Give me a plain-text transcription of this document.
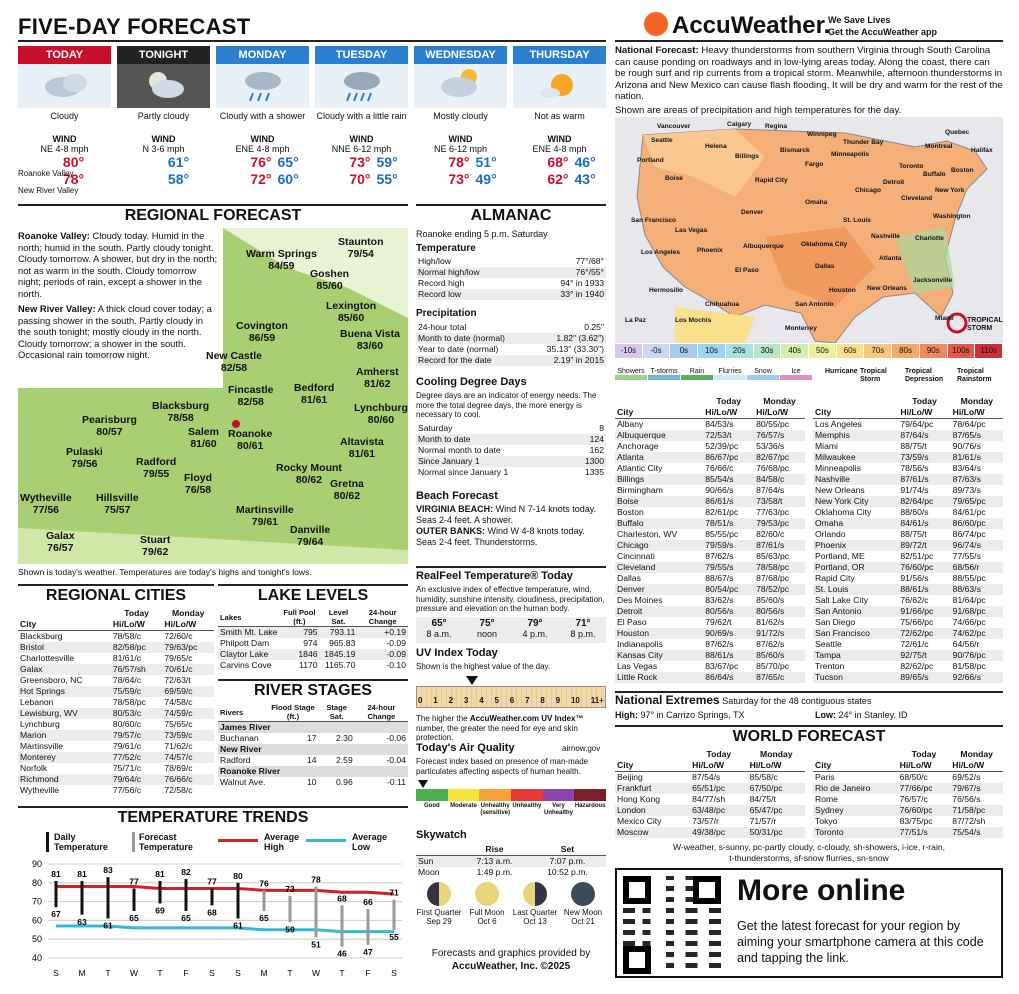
FIVE-DAY FORECAST
TODAY
Cloudy
WIND
NE 4-8 mph
80°
78°
TONIGHT
Partly cloudy
WIND
N 3-6 mph
61°
58°
MONDAY
Cloudy with a shower
WIND
ENE 4-8 mph
76° 65°
72° 60°
TUESDAY
Cloudy with a little rain
WIND
NNE 6-12 mph
73° 59°
70° 55°
WEDNESDAY
Mostly cloudy
WIND
NE 6-12 mph
78° 51°
73° 49°
THURSDAY
Not as warm
WIND
ENE 4-8 mph
68° 46°
62° 43°
Roanoke Valley
New River Valley
AccuWeather.
We Save Lives
Get the AccuWeather app
National Forecast: Heavy thunderstorms from southern Virginia through South Carolina can cause ponding on roadways and in low-lying areas today. Along the coast, there can be rough surf and rip currents from a tropical storm. Meanwhile, afternoon thunderstorms in Arizona and New Mexico can cause flash flooding. It will be dry and warm for the rest of the nation.
Shown are areas of precipitation and high temperatures for the day.
Vancouver	Calgary Regina
Winnipeg	Quebec
Halifax
Seattle
Billings
Bismarck
Thunder Bay
Montreal
Portland
Helena
Fargo	Toronto
Boston
Boise	Rapid City
Minneapolis
Detroit
Buffalo
New York
Chicago
Cleveland
Washington
San Francisco
Denver
Omaha
St. Louis
Nashville Charlotte
Los Angeles
Las Vegas
Phoenix
Albuquerque	Oklahoma City
Dallas
Atlanta
Jacksonville
Houston New Orleans
Miami
El Paso
San Antonio
Monterrey
Chihuahua
Hermosillo
La Paz	Los Mochis	TROPICAL STORM
-10s	-0s	0s	10s	20s	30s	40s	50s	60s	70s	80s	90s	100s	110s
Showers T-storms	Rain	Flurries	Snow	Ice	Hurricane Tropical Storm
Tropical Depression
Tropical Rainstorm
REGIONAL FORECAST
Roanoke Valley: Cloudy today. Humid in the north; humid in the south. Partly cloudy tonight. Cloudy tomorrow. A shower, but dry in the north; not as warm in the south. Cloudy tomorrow night; periods of rain, except a shower in the north.
New River Valley: A thick cloud cover today; a passing shower in the south. Partly cloudy in the south tonight; mostly cloudy in the north. Cloudy tomorrow; a shower in the south. Occasional rain tomorrow night.
Staunton
79/54
Warm Springs
84/59
Goshen
85/60
Lexington
85/60
Covington
86/59	Buena Vista
83/60
New Castle
82/58	Amherst
81/62
Fincastle
82/58
Bedford
81/61
Lynchburg
80/60
Blacksburg
78/58
Pearisburg
80/57	Salem
81/60
Roanoke
80/61	Altavista
81/61
Pulaski
79/56	Radford
79/55	Rocky Mount
80/62
Floyd
76/58	Gretna
80/62
Wytheville
77/56
Hillsville
75/57	Martinsville
79/61
Danville
79/64
Galax
76/57
Stuart
79/62
Shown is today's weather. Temperatures are today's highs and tonight's lows.
ALMANAC
Roanoke ending 5 p.m. Saturday
Temperature
High/low	77°/68°
Normal high/low	76°/55°
Record high	94° in 1933
Record low	33° in 1940
Precipitation
24-hour total	0.25"
Month to date (normal)	1.82" (3.62")
Year to date (normal)	35.13" (33.30")
Record for the date	2.19" in 2015
Cooling Degree Days
Degree days are an indicator of energy needs. The more the total degree days, the more energy is necessary to cool.
Saturday	8
Month to date	124
Normal month to date	162
Since January 1	1300
Normal since January 1	1335
Beach Forecast
VIRGINIA BEACH: Wind N 7-14 knots today. Seas 2-4 feet. A shower.
OUTER BANKS: Wind W 4-8 knots today. Seas 2-4 feet. Thunderstorms.
RealFeel Temperature® Today
An exclusive index of effective temperature, wind, humidity, sunshine intensity, cloudiness, precipitation, pressure and elevation on the human body.
65°
8 a.m.
75°
noon
79°
4 p.m.
71°
8 p.m.
UV Index Today
Shown is the highest value of the day.
0 1 2 3 4 5 6 7 8 9 10 11+
The higher the AccuWeather.com UV Index™ number, the greater the need for eye and skin protection.
Today's Air Quality	airnow.gov
Forecast index based on presence of man-made particulates affecting aspects of human health.
Good	Moderate Unhealthy (sensitive)
Unhealthy	Very Unhealthy
Hazardous
Skywatch
	Rise	Set
Sun	7:13 a.m.	7:07 p.m.
Moon	1:49 p.m.	10:52 p.m.
First Quarter
Sep 29
Full Moon
Oct 6
Last Quarter
Oct 13
New Moon
Oct 21
Forecasts and graphics provided by
AccuWeather, Inc. ©2025
REGIONAL CITIES
	Today	Monday
City	Hi/Lo/W	Hi/Lo/W
Blacksburg	78/58/c	72/60/c
Bristol	82/58/pc	79/63/pc
Charlottesville	81/61/c	79/65/c
Galax	76/57/sh	70/61/c
Greensboro, NC	78/64/c	72/63/t
Hot Springs	75/59/c	69/59/c
Lebanon	78/58/pc	74/58/c
Lewisburg, WV	80/53/c	74/59/c
Lynchburg	80/60/c	75/65/c
Marion	79/57/c	73/59/c
Martinsville	79/61/c	71/62/c
Monterey	77/52/c	74/57/c
Norfolk	75/71/c	78/69/c
Richmond	79/64/c	76/66/c
Wytheville	77/56/c	72/58/c
LAKE LEVELS
Lakes	Full Pool (ft.)	Level Sat.	24-hour Change
Smith Mt. Lake	795	793.11	+0.19
Philpott Dam	974	965.83	-0.09
Claytor Lake	1846	1845.19	-0.09
Carvins Cove	1170	1165.70	-0.10
RIVER STAGES
Rivers	Flood Stage (ft.)	Stage Sat.	24-hour Change
James River			
Buchanan	17	2.30	-0.06
New River			
Radford	14	2.59	-0.04
Roanoke River			
Walnut Ave.	10	0.96	-0.11
TEMPERATURE TRENDS
Daily Temperature
Forecast Temperature
Average High
Average Low
40
50
60
70
80
90
81
67
S
81
63
M
83
61
T
77
65
W
81
69
T
82
65
F
77
68
S
80
61
S
76
65
M
73
59
T
78
51
W
68
46
T
66
47
F
71
55
S
	Today	Monday
City	Hi/Lo/W	Hi/Lo/W
Albany	84/53/s	80/55/pc
Albuquerque	72/53/t	76/57/s
Anchorage	52/39/pc	53/36/s
Atlanta	86/67/pc	82/67/pc
Atlantic City	76/66/c	76/68/pc
Billings	85/54/s	84/58/c
Birmingham	90/66/s	87/64/s
Boise	86/61/s	73/58/t
Boston	82/61/pc	77/63/pc
Buffalo	78/51/s	79/53/pc
Charleston, WV	85/55/pc	82/60/c
Chicago	79/59/s	87/61/s
Cincinnati	87/62/s	85/63/pc
Cleveland	79/55/s	78/58/pc
Dallas	88/67/s	87/68/pc
Denver	80/54/pc	78/52/pc
Des Moines	83/62/s	85/60/s
Detroit	80/56/s	80/56/s
El Paso	79/62/t	81/62/s
Houston	90/69/s	91/72/s
Indianapolis	87/62/s	87/62/s
Kansas City	88/61/s	85/60/s
Las Vegas	83/67/pc	85/70/pc
Little Rock	86/64/s	87/65/c
	Today	Monday
City	Hi/Lo/W	Hi/Lo/W
Los Angeles	79/64/pc	78/64/pc
Memphis	87/64/s	87/65/s
Miami	88/75/t	90/76/s
Milwaukee	73/59/s	81/61/s
Minneapolis	78/56/s	83/64/s
Nashville	87/61/s	87/63/s
New Orleans	91/74/s	89/73/s
New York City	82/64/pc	79/65/pc
Oklahoma City	88/60/s	84/61/pc
Omaha	84/61/s	86/60/pc
Orlando	88/75/t	86/74/pc
Phoenix	89/72/t	96/74/s
Portland, ME	82/51/pc	77/55/s
Portland, OR	76/60/pc	68/56/r
Rapid City	91/56/s	88/55/pc
St. Louis	88/61/s	88/63/s
Salt Lake City	76/62/c	81/64/pc
San Antonio	91/66/pc	91/68/pc
San Diego	75/66/pc	74/66/pc
San Francisco	72/62/pc	74/62/pc
Seattle	72/61/c	64/56/r
Tampa	92/75/t	90/76/pc
Trenton	82/62/pc	81/58/pc
Tucson	89/65/s	92/66/s
National Extremes Saturday for the 48 contiguous states
High: 97° in Carrizo Springs, TX	Low: 24° in Stanley, ID
WORLD FORECAST
	Today	Monday
City	Hi/Lo/W	Hi/Lo/W
Beijing	87/54/s	85/58/c
Frankfurt	65/51/pc	67/50/pc
Hong Kong	84/77/sh	84/75/t
London	63/48/pc	65/47/pc
Mexico City	73/57/r	71/57/r
Moscow	49/38/pc	50/31/pc
	Today	Monday
City	Hi/Lo/W	Hi/Lo/W
Paris	68/50/c	69/52/s
Rio de Janeiro	77/66/pc	79/67/s
Rome	76/57/c	76/56/s
Sydney	76/60/pc	71/58/pc
Tokyo	83/75/pc	87/72/sh
Toronto	77/51/s	75/54/s
W-weather, s-sunny, pc-partly cloudy, c-cloudy, sh-showers, i-ice, r-rain,
t-thunderstorms, sf-snow flurries, sn-snow
More online
Get the latest forecast for your region by aiming your smartphone camera at this code and tapping the link.
